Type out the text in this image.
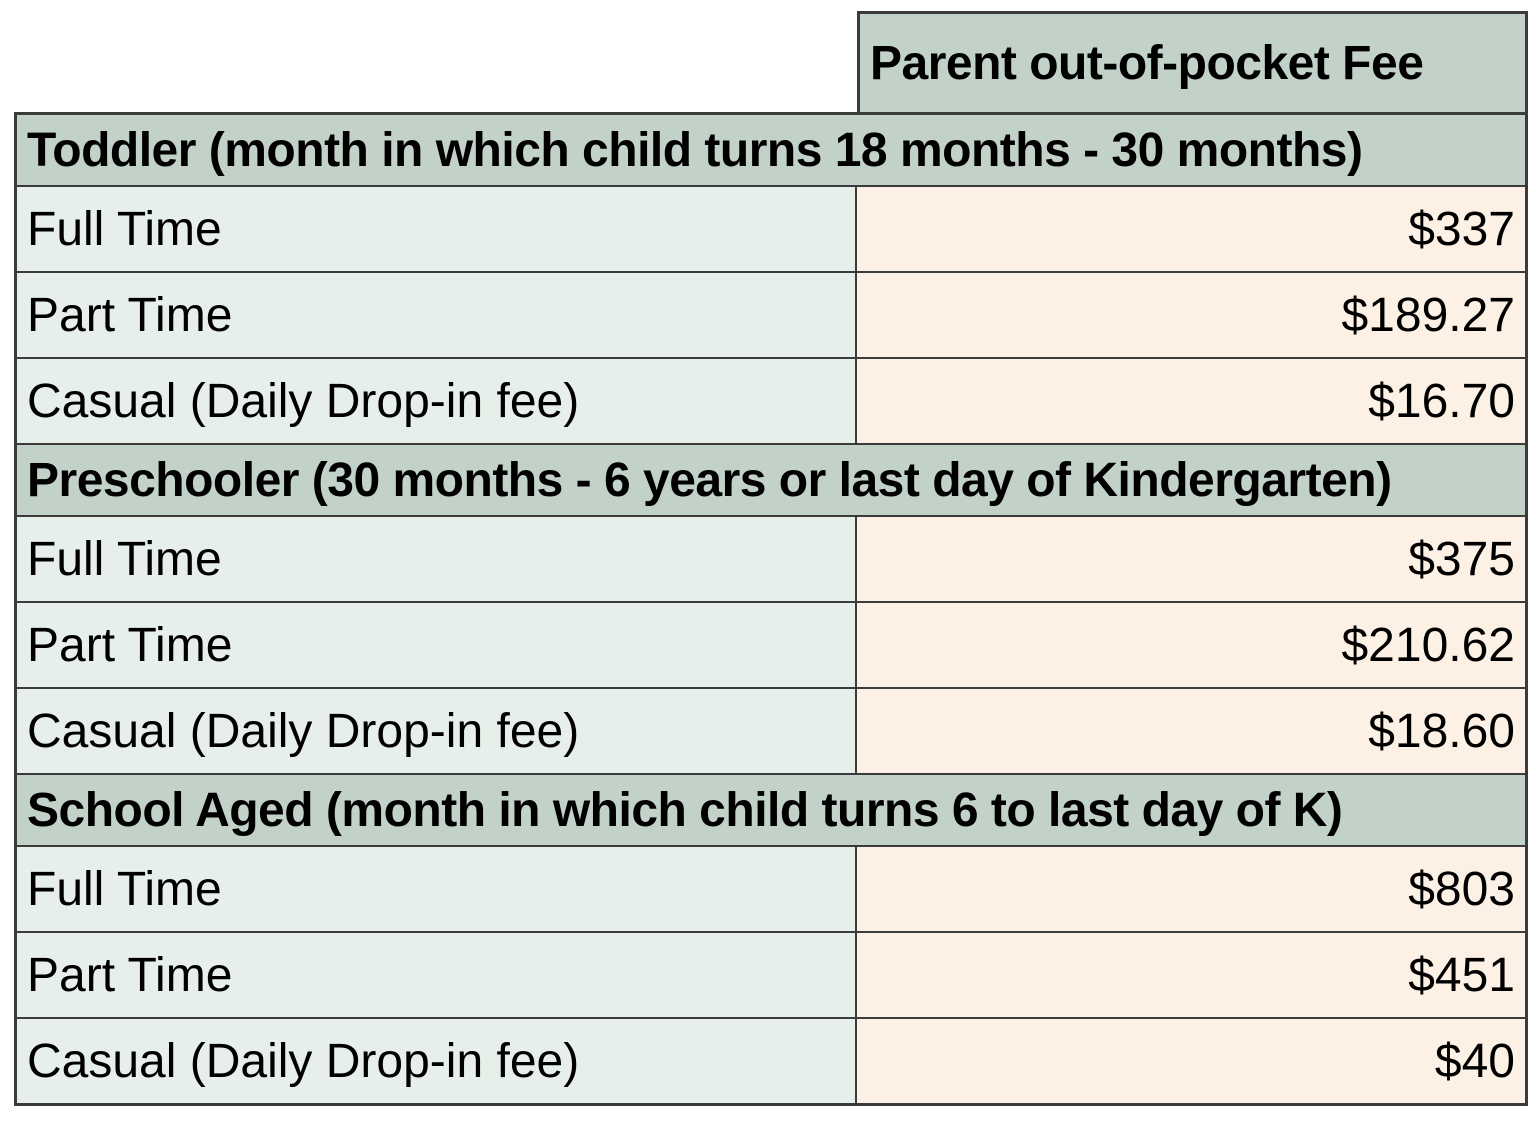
Parent out-of-pocket Fee
Toddler (month in which child turns 18 months - 30 months)
Full Time	$337
Part Time	$189.27
Casual (Daily Drop-in fee)	$16.70
Preschooler (30 months - 6 years or last day of Kindergarten)
Full Time	$375
Part Time	$210.62
Casual (Daily Drop-in fee)	$18.60
School Aged (month in which child turns 6 to last day of K)
Full Time	$803
Part Time	$451
Casual (Daily Drop-in fee)	$40
